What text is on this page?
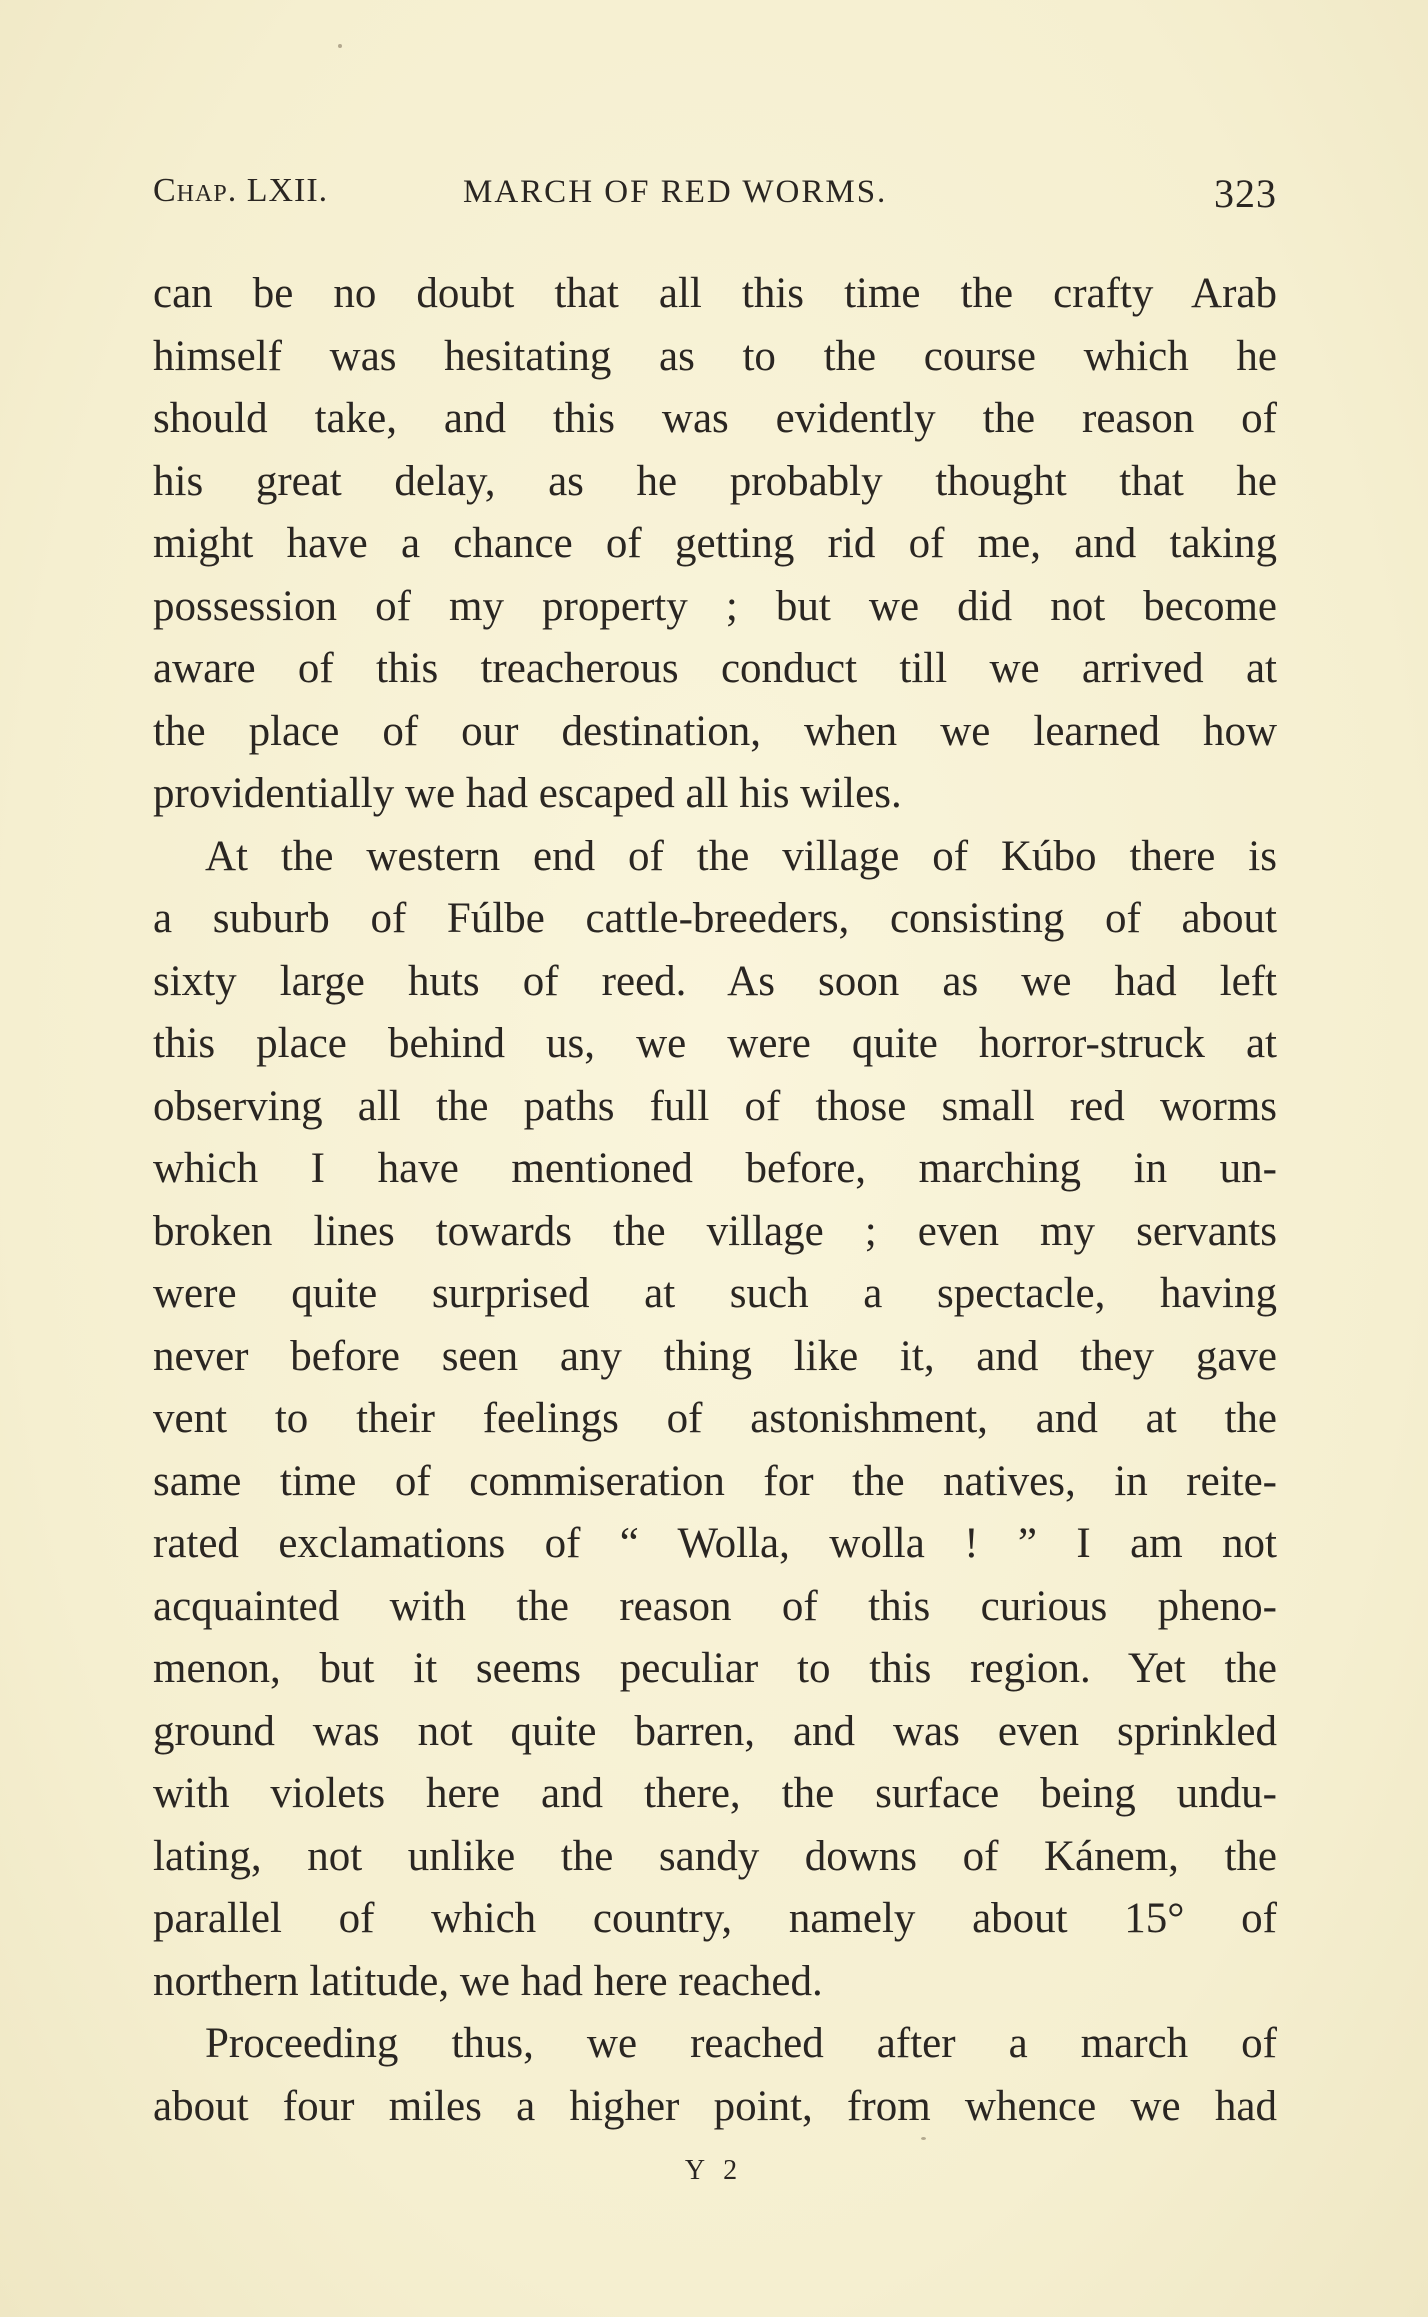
Chap. LXII.	MARCH OF RED WORMS.	323
can be no doubt that all this time the crafty Arab
himself was hesitating as to the course which he
should take, and this was evidently the reason of
his great delay, as he probably thought that he
might have a chance of getting rid of me, and taking
possession of my property ; but we did not become
aware of this treacherous conduct till we arrived at
the place of our destination, when we learned how
providentially we had escaped all his wiles.
At the western end of the village of Kúbo there is
a suburb of Fúlbe cattle-breeders, consisting of about
sixty large huts of reed. As soon as we had left
this place behind us, we were quite horror-struck at
observing all the paths full of those small red worms
which I have mentioned before, marching in un-
broken lines towards the village ; even my servants
were quite surprised at such a spectacle, having
never before seen any thing like it, and they gave
vent to their feelings of astonishment, and at the
same time of commiseration for the natives, in reite-
rated exclamations of “ Wolla, wolla ! ” I am not
acquainted with the reason of this curious pheno-
menon, but it seems peculiar to this region. Yet the
ground was not quite barren, and was even sprinkled
with violets here and there, the surface being undu-
lating, not unlike the sandy downs of Kánem, the
parallel of which country, namely about 15° of
northern latitude, we had here reached.
Proceeding thus, we reached after a march of
about four miles a higher point, from whence we had
Y 2
